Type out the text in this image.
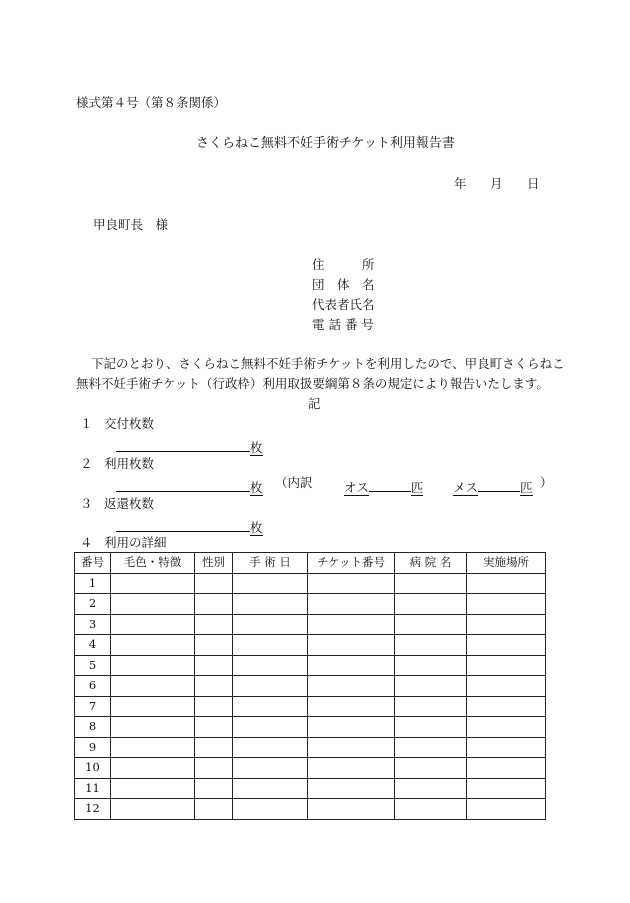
様式第４号（第８条関係）
さくらねこ無料不妊手術チケット利用報告書
年 月 日
甲良町長　様
住　　　所
団　体　名
代表者氏名
電 話 番 号
下記のとおり、さくらねこ無料不妊手術チケットを利用したので、甲良町さくらねこ
無料不妊手術チケット（行政枠）利用取扱要綱第８条の規定により報告いたします。
記
１ 交付枚数
枚
２ 利用枚数
枚 （内訳	オス	匹 メス	匹 ）
３ 返還枚数
枚
４ 利用の詳細
番号	毛色・特徴	性別	手 術 日	チケット番号	病 院 名	実施場所
1						
2						
3						
4						
5						
6						
7						
8						
9						
10						
11						
12						
